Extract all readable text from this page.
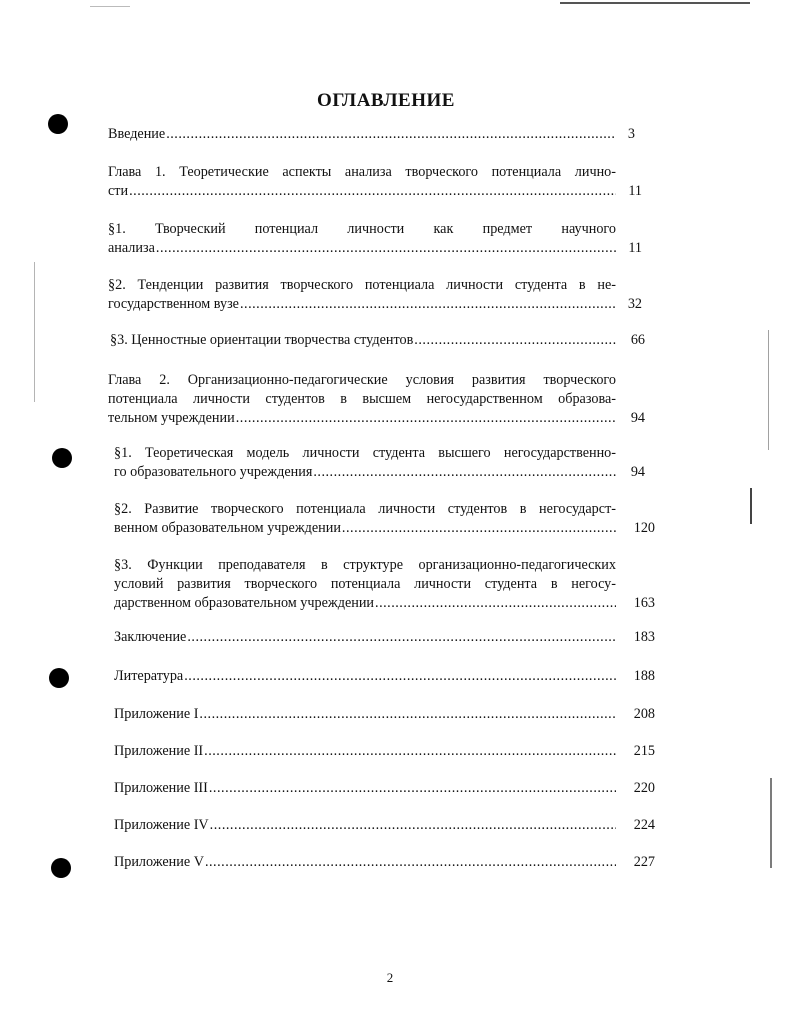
ОГЛАВЛЕНИЕ
Введение .....	3
Глава 1. Теоретические аспекты анализа творческого потенциала лично-
сти .....	11
§1. Творческий потенциал личности как предмет научного
анализа .....	11
§2. Тенденции развития творческого потенциала личности студента в не-
государственном вузе .....	32
§3. Ценностные ориентации творчества студентов .....	66
Глава 2. Организационно-педагогические условия развития творческого
потенциала личности студентов в высшем негосударственном образова-
тельном учреждении .....	94
§1. Теоретическая модель личности студента высшего негосударственно-
го образовательного учреждения .....	94
§2. Развитие творческого потенциала личности студентов в негосударст-
венном образовательном учреждении .....	120
§3. Функции преподавателя в структуре организационно-педагогических
условий развития творческого потенциала личности студента в негосу-
дарственном образовательном учреждении .....	163
Заключение .....	183
Литература .....	188
Приложение I .....	208
Приложение II .....	215
Приложение III .....	220
Приложение IV .....	224
Приложение V .....	227
2
